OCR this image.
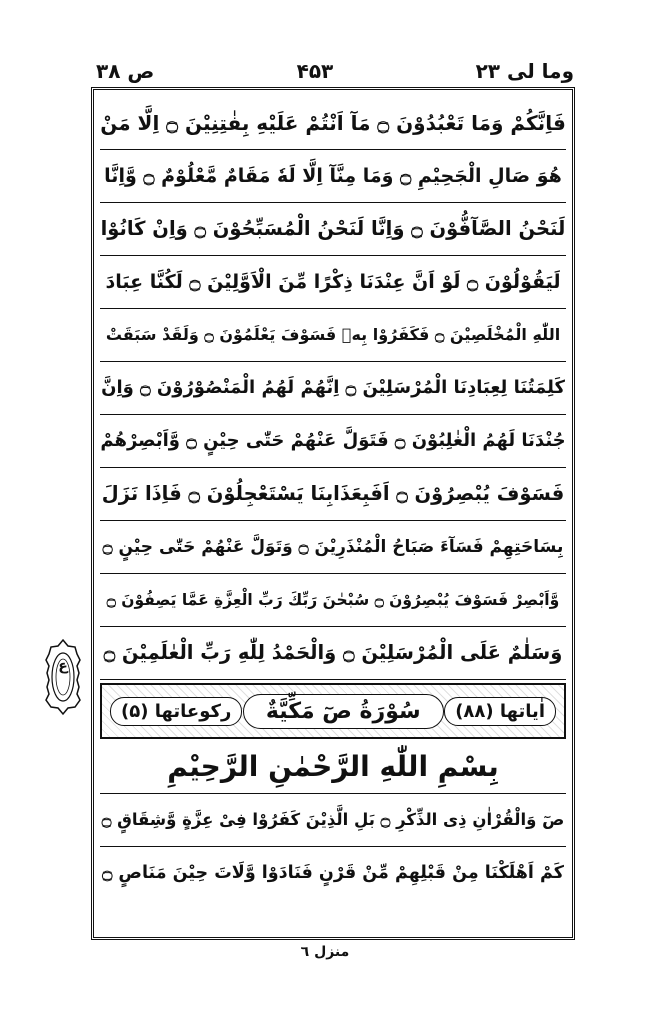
ص ۳۸	۴۵۳	وما لی ۲۳
فَاِنَّكُمْ وَمَا تَعْبُدُوْنَ ۝ مَآ اَنْتُمْ عَلَيْهِ بِفٰتِنِيْنَ ۝ اِلَّا مَنْ
هُوَ صَالِ الْجَحِيْمِ ۝ وَمَا مِنَّآ اِلَّا لَهٗ مَقَامٌ مَّعْلُوْمٌ ۝ وَّاِنَّا
لَنَحْنُ الصَّآفُّوْنَ ۝ وَاِنَّا لَنَحْنُ الْمُسَبِّحُوْنَ ۝ وَاِنْ كَانُوْا
لَيَقُوْلُوْنَ ۝ لَوْ اَنَّ عِنْدَنَا ذِكْرًا مِّنَ الْاَوَّلِيْنَ ۝ لَكُنَّا عِبَادَ
اللّٰهِ الْمُخْلَصِيْنَ ۝ فَكَفَرُوْا بِهٖ فَسَوْفَ يَعْلَمُوْنَ ۝ وَلَقَدْ سَبَقَتْ
كَلِمَتُنَا لِعِبَادِنَا الْمُرْسَلِيْنَ ۝ اِنَّهُمْ لَهُمُ الْمَنْصُوْرُوْنَ ۝ وَاِنَّ
جُنْدَنَا لَهُمُ الْغٰلِبُوْنَ ۝ فَتَوَلَّ عَنْهُمْ حَتّٰى حِيْنٍ ۝ وَّاَبْصِرْهُمْ
فَسَوْفَ يُبْصِرُوْنَ ۝ اَفَبِعَذَابِنَا يَسْتَعْجِلُوْنَ ۝ فَاِذَا نَزَلَ
بِسَاحَتِهِمْ فَسَآءَ صَبَاحُ الْمُنْذَرِيْنَ ۝ وَتَوَلَّ عَنْهُمْ حَتّٰى حِيْنٍ ۝
وَّاَبْصِرْ فَسَوْفَ يُبْصِرُوْنَ ۝ سُبْحٰنَ رَبِّكَ رَبِّ الْعِزَّةِ عَمَّا يَصِفُوْنَ ۝
وَسَلٰمٌ عَلَى الْمُرْسَلِيْنَ ۝ وَالْحَمْدُ لِلّٰهِ رَبِّ الْعٰلَمِيْنَ ۝
اٰیاتها (۸۸)
سُوْرَةُ صٓ مَكِّيَّةٌ
رکوعاتها (۵)
بِسْمِ اللّٰهِ الرَّحْمٰنِ الرَّحِيْمِ
صٓ وَالْقُرْاٰنِ ذِى الذِّكْرِ ۝ بَلِ الَّذِيْنَ كَفَرُوْا فِىْ عِزَّةٍ وَّشِقَاقٍ ۝
كَمْ اَهْلَكْنَا مِنْ قَبْلِهِمْ مِّنْ قَرْنٍ فَنَادَوْا وَّلَاتَ حِيْنَ مَنَاصٍ ۝
ع
منزل ٦
